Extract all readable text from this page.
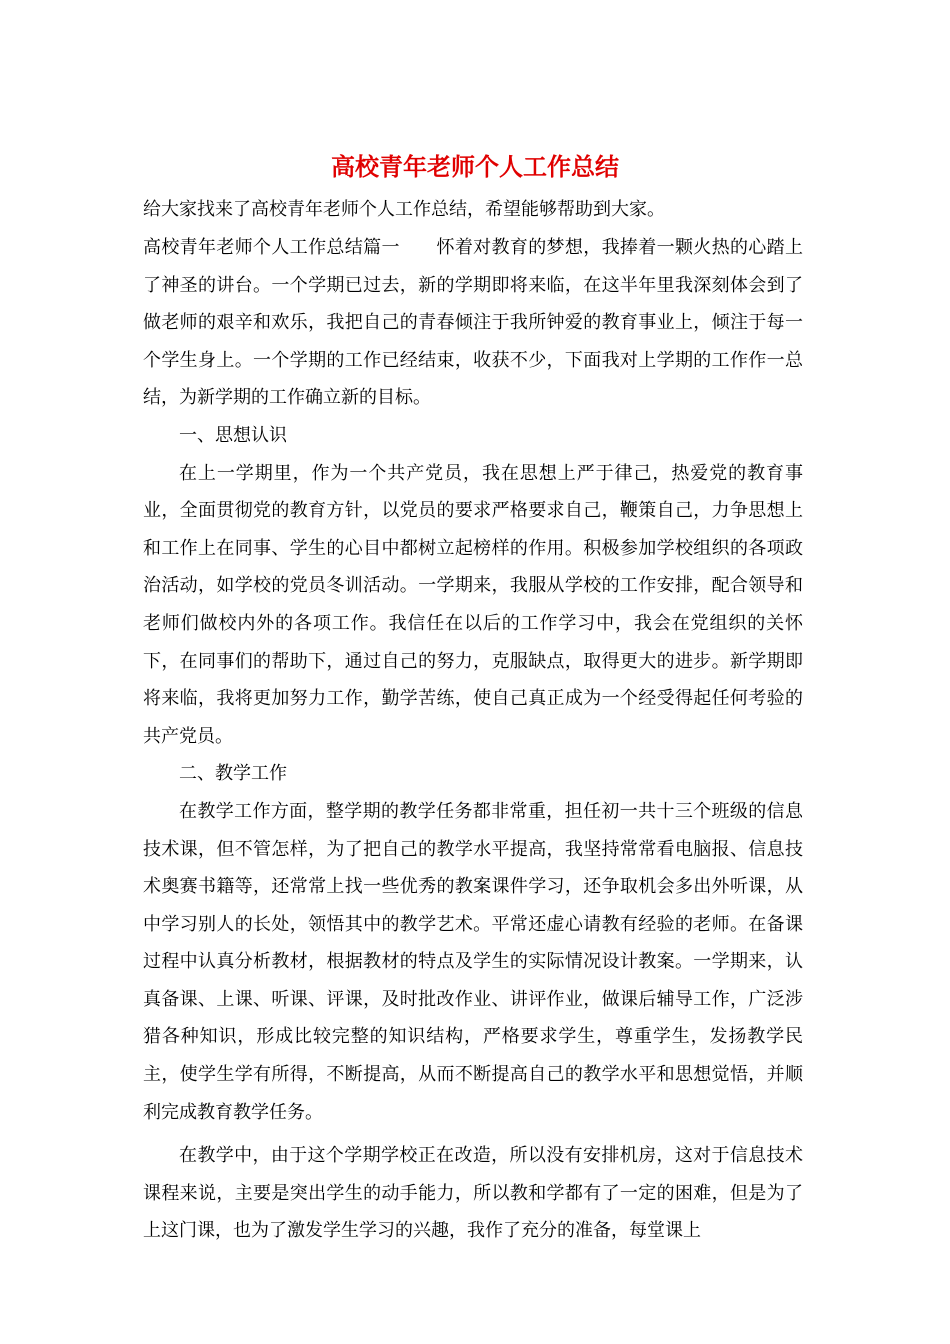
高校青年老师个人工作总结

给大家找来了高校青年老师个人工作总结，希望能够帮助到大家。

高校青年老师个人工作总结篇一　　怀着对教育的梦想，我捧着一颗火热的心踏上了神圣的讲台。一个学期已过去，新的学期即将来临，在这半年里我深刻体会到了做老师的艰辛和欢乐，我把自己的青春倾注于我所钟爱的教育事业上，倾注于每一个学生身上。一个学期的工作已经结束，收获不少，下面我对上学期的工作作一总结，为新学期的工作确立新的目标。

一、思想认识

在上一学期里，作为一个共产党员，我在思想上严于律己，热爱党的教育事业，全面贯彻党的教育方针，以党员的要求严格要求自己，鞭策自己，力争思想上和工作上在同事、学生的心目中都树立起榜样的作用。积极参加学校组织的各项政治活动，如学校的党员冬训活动。一学期来，我服从学校的工作安排，配合领导和老师们做校内外的各项工作。我信任在以后的工作学习中，我会在党组织的关怀下，在同事们的帮助下，通过自己的努力，克服缺点，取得更大的进步。新学期即将来临，我将更加努力工作，勤学苦练，使自己真正成为一个经受得起任何考验的共产党员。

二、教学工作

在教学工作方面，整学期的教学任务都非常重，担任初一共十三个班级的信息技术课，但不管怎样，为了把自己的教学水平提高，我坚持常常看电脑报、信息技术奥赛书籍等，还常常上找一些优秀的教案课件学习，还争取机会多出外听课，从中学习别人的长处，领悟其中的教学艺术。平常还虚心请教有经验的老师。在备课过程中认真分析教材，根据教材的特点及学生的实际情况设计教案。一学期来，认真备课、上课、听课、评课，及时批改作业、讲评作业，做课后辅导工作，广泛涉猎各种知识，形成比较完整的知识结构，严格要求学生，尊重学生，发扬教学民主，使学生学有所得，不断提高，从而不断提高自己的教学水平和思想觉悟，并顺利完成教育教学任务。

在教学中，由于这个学期学校正在改造，所以没有安排机房，这对于信息技术课程来说，主要是突出学生的动手能力，所以教和学都有了一定的困难，但是为了上这门课，也为了激发学生学习的兴趣，我作了充分的准备，每堂课上
